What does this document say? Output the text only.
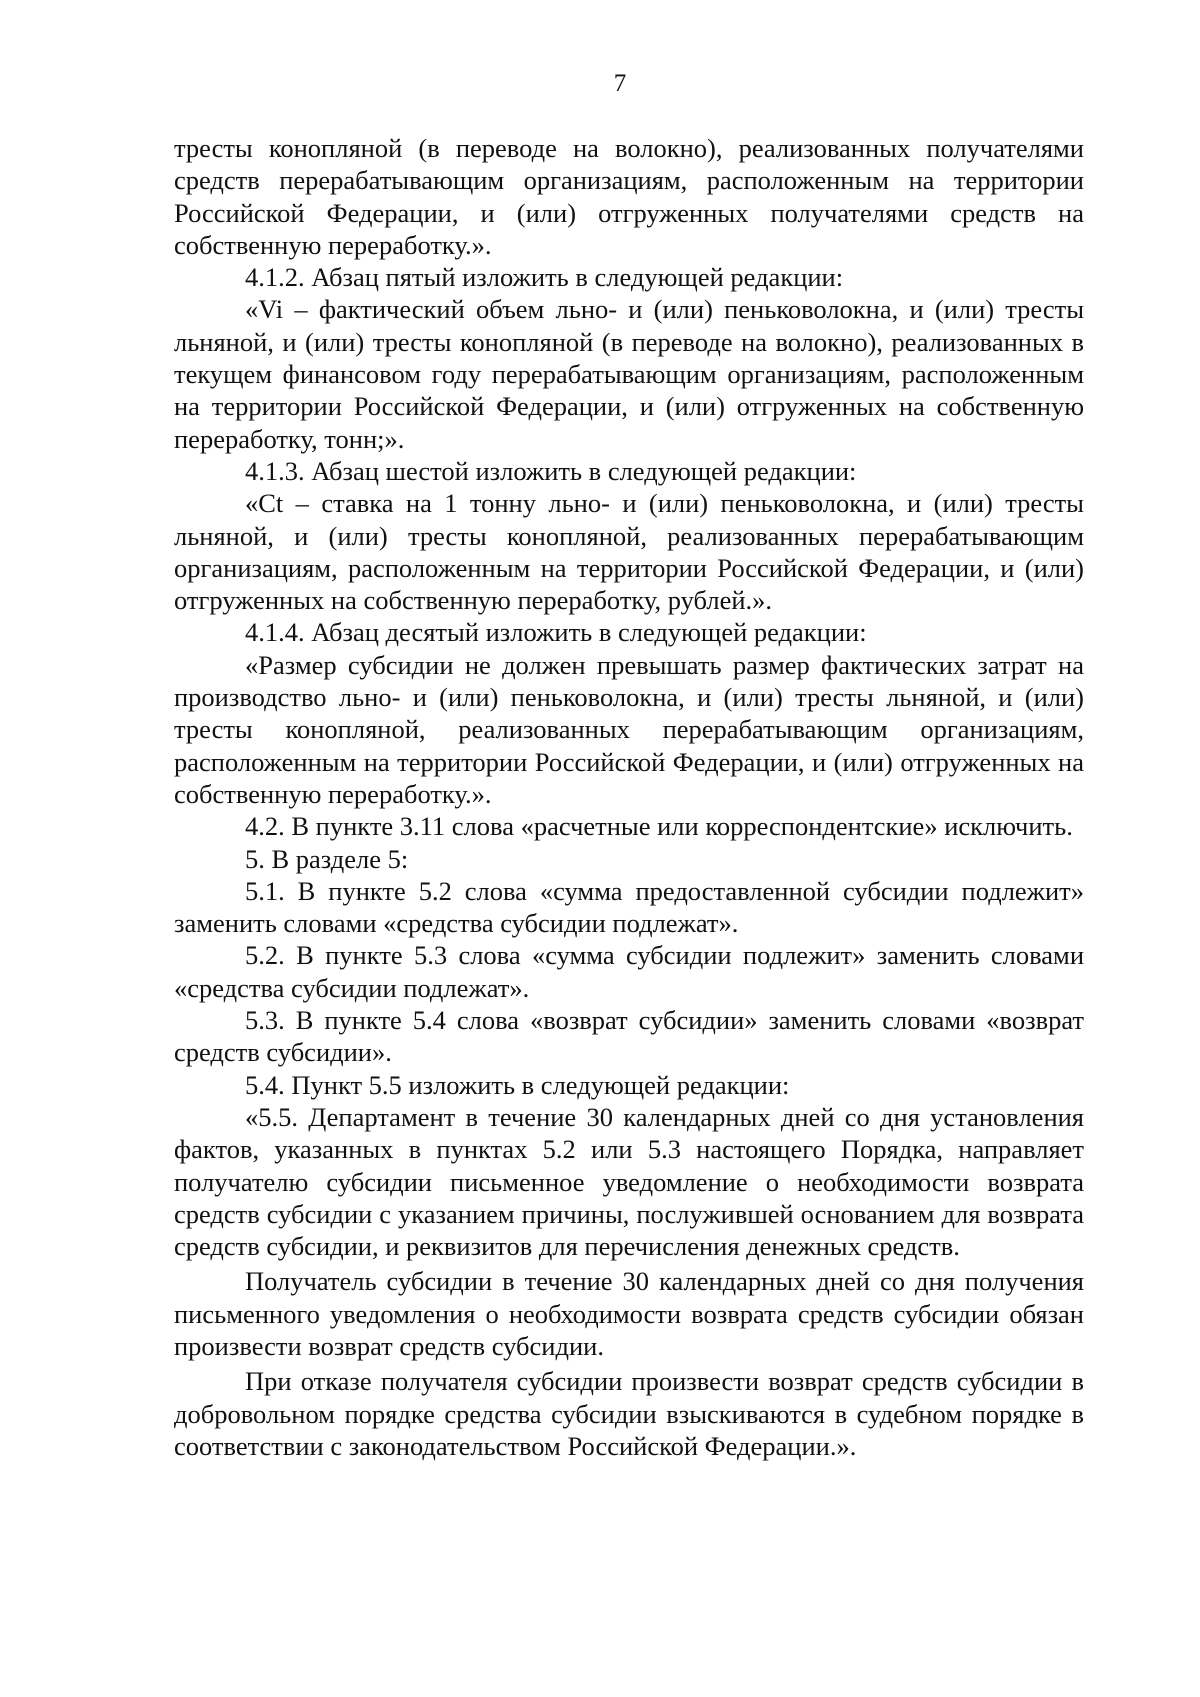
7

тресты конопляной (в переводе на волокно), реализованных получателями средств перерабатывающим организациям, расположенным на территории Российской Федерации, и (или) отгруженных получателями средств на собственную переработку.».

4.1.2. Абзац пятый изложить в следующей редакции:

«Vi – фактический объем льно- и (или) пеньковолокна, и (или) тресты льняной, и (или) тресты конопляной (в переводе на волокно), реализованных в текущем финансовом году перерабатывающим организациям, расположенным на территории Российской Федерации, и (или) отгруженных на собственную переработку, тонн;».

4.1.3. Абзац шестой изложить в следующей редакции:

«Ct – ставка на 1 тонну льно- и (или) пеньковолокна, и (или) тресты льняной, и (или) тресты конопляной, реализованных перерабатывающим организациям, расположенным на территории Российской Федерации, и (или) отгруженных на собственную переработку, рублей.».

4.1.4. Абзац десятый изложить в следующей редакции:

«Размер субсидии не должен превышать размер фактических затрат на производство льно- и (или) пеньковолокна, и (или) тресты льняной, и (или) тресты конопляной, реализованных перерабатывающим организациям, расположенным на территории Российской Федерации, и (или) отгруженных на собственную переработку.».

4.2. В пункте 3.11 слова «расчетные или корреспондентские» исключить.

5. В разделе 5:

5.1. В пункте 5.2 слова «сумма предоставленной субсидии подлежит» заменить словами «средства субсидии подлежат».

5.2. В пункте 5.3 слова «сумма субсидии подлежит» заменить словами «средства субсидии подлежат».

5.3. В пункте 5.4 слова «возврат субсидии» заменить словами «возврат средств субсидии».

5.4. Пункт 5.5 изложить в следующей редакции:

«5.5. Департамент в течение 30 календарных дней со дня установления фактов, указанных в пунктах 5.2 или 5.3 настоящего Порядка, направляет получателю субсидии письменное уведомление о необходимости возврата средств субсидии с указанием причины, послужившей основанием для возврата средств субсидии, и реквизитов для перечисления денежных средств.

Получатель субсидии в течение 30 календарных дней со дня получения письменного уведомления о необходимости возврата средств субсидии обязан произвести возврат средств субсидии.

При отказе получателя субсидии произвести возврат средств субсидии в добровольном порядке средства субсидии взыскиваются в судебном порядке в соответствии с законодательством Российской Федерации.».
